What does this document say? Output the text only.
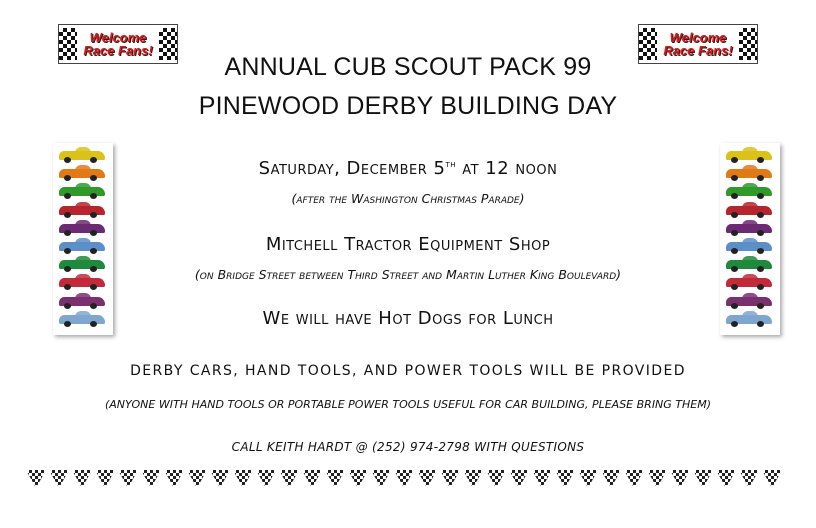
Welcome Race Fans!
Welcome Race Fans!
ANNUAL CUB SCOUT PACK 99
PINEWOOD DERBY BUILDING DAY
Saturday, December 5th at 12 noon
(after the Washington Christmas Parade)
Mitchell Tractor Equipment Shop
(on Bridge Street between Third Street and Martin Luther King Boulevard)
We will have Hot Dogs for Lunch
DERBY CARS, HAND TOOLS, AND POWER TOOLS WILL BE PROVIDED
(ANYONE WITH HAND TOOLS OR PORTABLE POWER TOOLS USEFUL FOR CAR BUILDING, PLEASE BRING THEM)
CALL KEITH HARDT @ (252) 974-2798 WITH QUESTIONS
